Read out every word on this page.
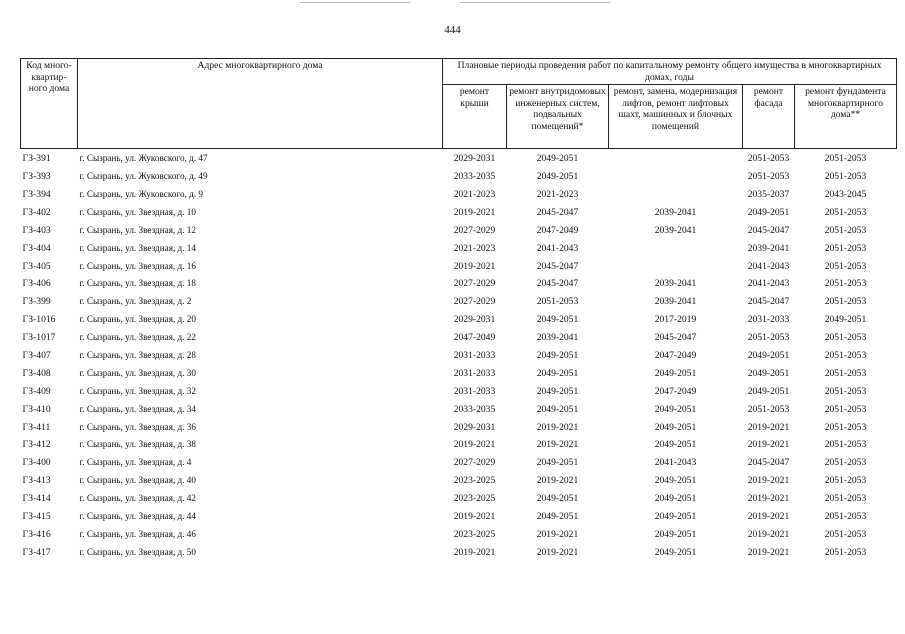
444
Код много-квартир-ного дома	Адрес многоквартирного дома	Плановые периоды проведения работ по капитальному ремонту общего имущества в многоквартирных домах, годы				
		ремонт крыши	ремонт внутридомовых инженерных систем, подвальных помещений*	ремонт, замена, модернизация лифтов, ремонт лифтовых шахт, машинных и блочных помещений	ремонт фасада	ремонт фундамента многоквартирного дома**
ГЗ-391	г. Сызрань, ул. Жуковского, д. 47	2029-2031	2049-2051		2051-2053	2051-2053
ГЗ-393	г. Сызрань, ул. Жуковского, д. 49	2033-2035	2049-2051		2051-2053	2051-2053
ГЗ-394	г. Сызрань, ул. Жуковского, д. 9	2021-2023	2021-2023		2035-2037	2043-2045
ГЗ-402	г. Сызрань, ул. Звездная, д. 10	2019-2021	2045-2047	2039-2041	2049-2051	2051-2053
ГЗ-403	г. Сызрань, ул. Звездная, д. 12	2027-2029	2047-2049	2039-2041	2045-2047	2051-2053
ГЗ-404	г. Сызрань, ул. Звездная, д. 14	2021-2023	2041-2043		2039-2041	2051-2053
ГЗ-405	г. Сызрань, ул. Звездная, д. 16	2019-2021	2045-2047		2041-2043	2051-2053
ГЗ-406	г. Сызрань, ул. Звездная, д. 18	2027-2029	2045-2047	2039-2041	2041-2043	2051-2053
ГЗ-399	г. Сызрань, ул. Звездная, д. 2	2027-2029	2051-2053	2039-2041	2045-2047	2051-2053
ГЗ-1016	г. Сызрань, ул. Звездная, д. 20	2029-2031	2049-2051	2017-2019	2031-2033	2049-2051
ГЗ-1017	г. Сызрань, ул. Звездная, д. 22	2047-2049	2039-2041	2045-2047	2051-2053	2051-2053
ГЗ-407	г. Сызрань, ул. Звездная, д. 28	2031-2033	2049-2051	2047-2049	2049-2051	2051-2053
ГЗ-408	г. Сызрань, ул. Звездная, д. 30	2031-2033	2049-2051	2049-2051	2049-2051	2051-2053
ГЗ-409	г. Сызрань, ул. Звездная, д. 32	2031-2033	2049-2051	2047-2049	2049-2051	2051-2053
ГЗ-410	г. Сызрань, ул. Звездная, д. 34	2033-2035	2049-2051	2049-2051	2051-2053	2051-2053
ГЗ-411	г. Сызрань, ул. Звездная, д. 36	2029-2031	2019-2021	2049-2051	2019-2021	2051-2053
ГЗ-412	г. Сызрань, ул. Звездная, д. 38	2019-2021	2019-2021	2049-2051	2019-2021	2051-2053
ГЗ-400	г. Сызрань, ул. Звездная, д. 4	2027-2029	2049-2051	2041-2043	2045-2047	2051-2053
ГЗ-413	г. Сызрань, ул. Звездная, д. 40	2023-2025	2019-2021	2049-2051	2019-2021	2051-2053
ГЗ-414	г. Сызрань, ул. Звездная, д. 42	2023-2025	2049-2051	2049-2051	2019-2021	2051-2053
ГЗ-415	г. Сызрань, ул. Звездная, д. 44	2019-2021	2049-2051	2049-2051	2019-2021	2051-2053
ГЗ-416	г. Сызрань, ул. Звездная, д. 46	2023-2025	2019-2021	2049-2051	2019-2021	2051-2053
ГЗ-417	г. Сызрань, ул. Звездная, д. 50	2019-2021	2019-2021	2049-2051	2019-2021	2051-2053
